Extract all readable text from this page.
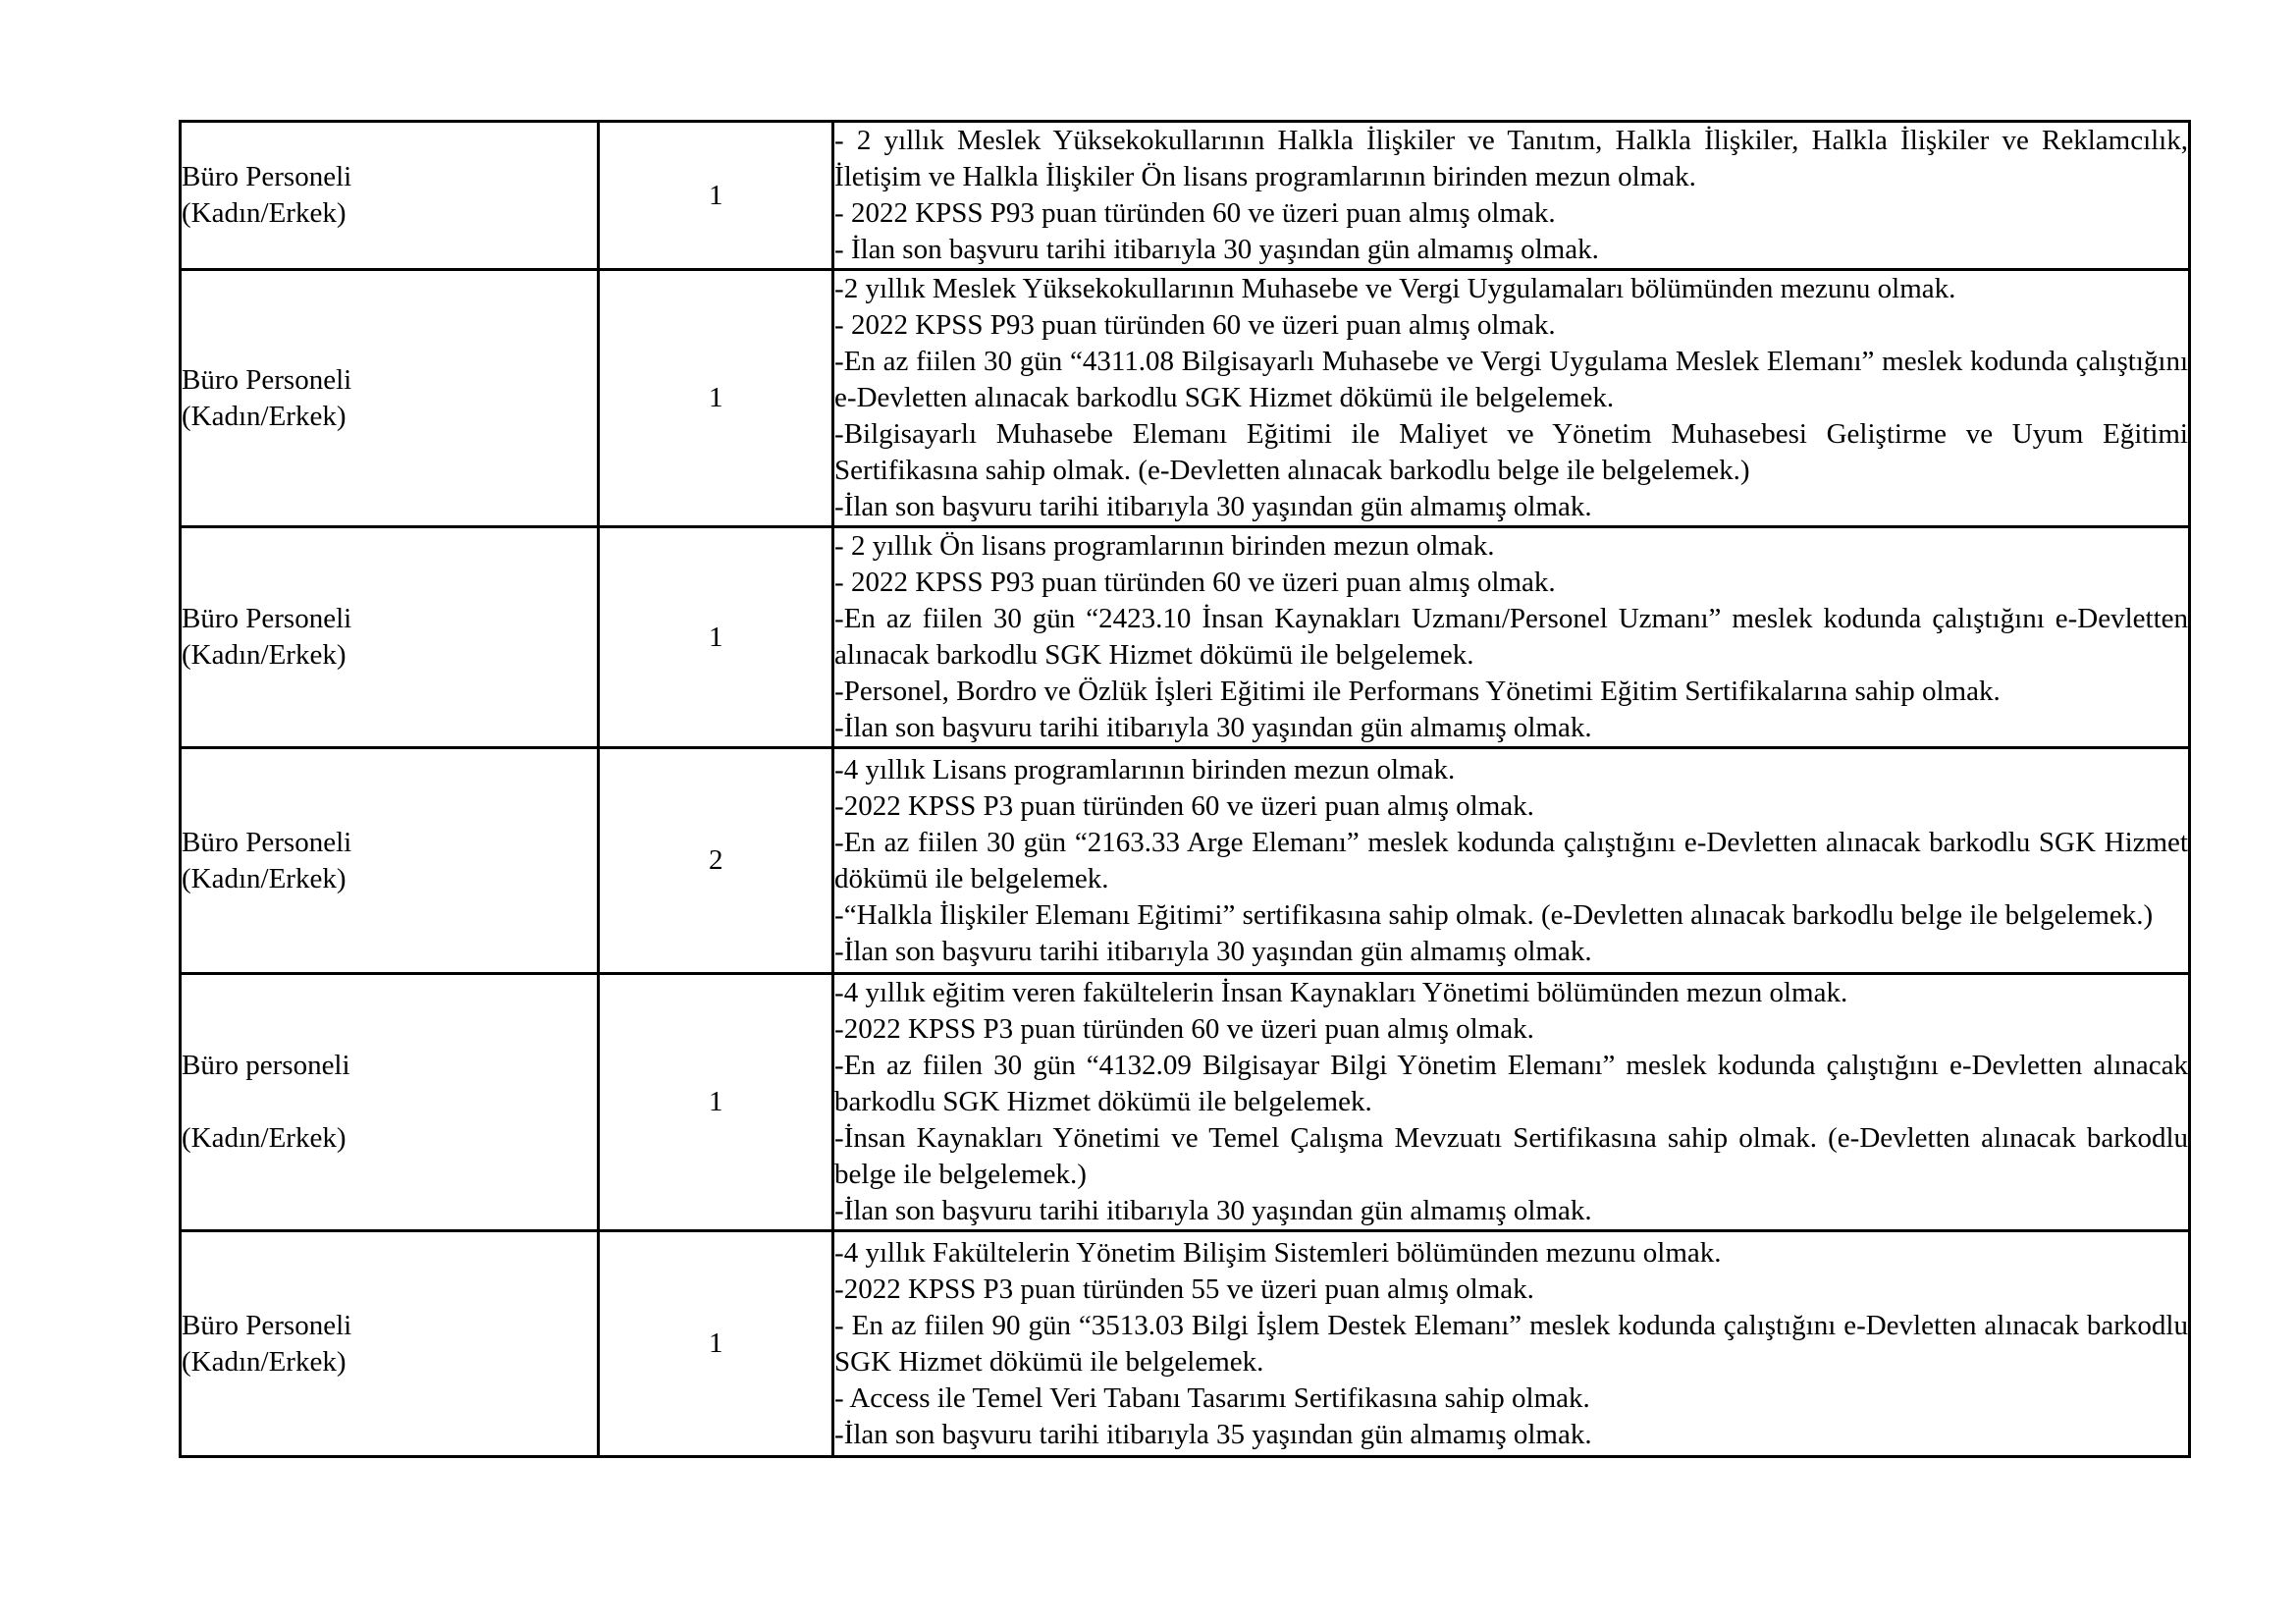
Büro Personeli
(Kadın/Erkek)
	1	

- 2 yıllık Meslek Yüksekokullarının Halkla İlişkiler ve Tanıtım, Halkla İlişkiler, Halkla İlişkiler ve Reklamcılık, İletişim ve Halkla İlişkiler Ön lisans programlarının birinden mezun olmak.

- 2022 KPSS P93 puan türünden 60 ve üzeri puan almış olmak.

- İlan son başvuru tarihi itibarıyla 30 yaşından gün almamış olmak.

Büro Personeli
(Kadın/Erkek)
	1	

-2 yıllık Meslek Yüksekokullarının Muhasebe ve Vergi Uygulamaları bölümünden mezunu olmak.

- 2022 KPSS P93 puan türünden 60 ve üzeri puan almış olmak.

-En az fiilen 30 gün “4311.08 Bilgisayarlı Muhasebe ve Vergi Uygulama Meslek Elemanı” meslek kodunda çalıştığını e-Devletten alınacak barkodlu SGK Hizmet dökümü ile belgelemek.

-Bilgisayarlı Muhasebe Elemanı Eğitimi ile Maliyet ve Yönetim Muhasebesi Geliştirme ve Uyum Eğitimi Sertifikasına sahip olmak. (e-Devletten alınacak barkodlu belge ile belgelemek.)

-İlan son başvuru tarihi itibarıyla 30 yaşından gün almamış olmak.

Büro Personeli
(Kadın/Erkek)
	1	

- 2 yıllık Ön lisans programlarının birinden mezun olmak.

- 2022 KPSS P93 puan türünden 60 ve üzeri puan almış olmak.

-En az fiilen 30 gün “2423.10 İnsan Kaynakları Uzmanı/Personel Uzmanı” meslek kodunda çalıştığını e-Devletten alınacak barkodlu SGK Hizmet dökümü ile belgelemek.

-Personel, Bordro ve Özlük İşleri Eğitimi ile Performans Yönetimi Eğitim Sertifikalarına sahip olmak.

-İlan son başvuru tarihi itibarıyla 30 yaşından gün almamış olmak.

Büro Personeli
(Kadın/Erkek)
	2	

-4 yıllık Lisans programlarının birinden mezun olmak.

-2022 KPSS P3 puan türünden 60 ve üzeri puan almış olmak.

-En az fiilen 30 gün “2163.33 Arge Elemanı” meslek kodunda çalıştığını e-Devletten alınacak barkodlu SGK Hizmet dökümü ile belgelemek.

-“Halkla İlişkiler Elemanı Eğitimi” sertifikasına sahip olmak. (e-Devletten alınacak barkodlu belge ile belgelemek.)

-İlan son başvuru tarihi itibarıyla 30 yaşından gün almamış olmak.

Büro personeli
(Kadın/Erkek)
	1	

-4 yıllık eğitim veren fakültelerin İnsan Kaynakları Yönetimi bölümünden mezun olmak.

-2022 KPSS P3 puan türünden 60 ve üzeri puan almış olmak.

-En az fiilen 30 gün “4132.09 Bilgisayar Bilgi Yönetim Elemanı” meslek kodunda çalıştığını e-Devletten alınacak barkodlu SGK Hizmet dökümü ile belgelemek.

-İnsan Kaynakları Yönetimi ve Temel Çalışma Mevzuatı Sertifikasına sahip olmak. (e-Devletten alınacak barkodlu belge ile belgelemek.)

-İlan son başvuru tarihi itibarıyla 30 yaşından gün almamış olmak.

Büro Personeli
(Kadın/Erkek)
	1	

-4 yıllık Fakültelerin Yönetim Bilişim Sistemleri bölümünden mezunu olmak.

-2022 KPSS P3 puan türünden 55 ve üzeri puan almış olmak.

- En az fiilen 90 gün “3513.03 Bilgi İşlem Destek Elemanı” meslek kodunda çalıştığını e-Devletten alınacak barkodlu SGK Hizmet dökümü ile belgelemek.

- Access ile Temel Veri Tabanı Tasarımı Sertifikasına sahip olmak.

-İlan son başvuru tarihi itibarıyla 35 yaşından gün almamış olmak.
